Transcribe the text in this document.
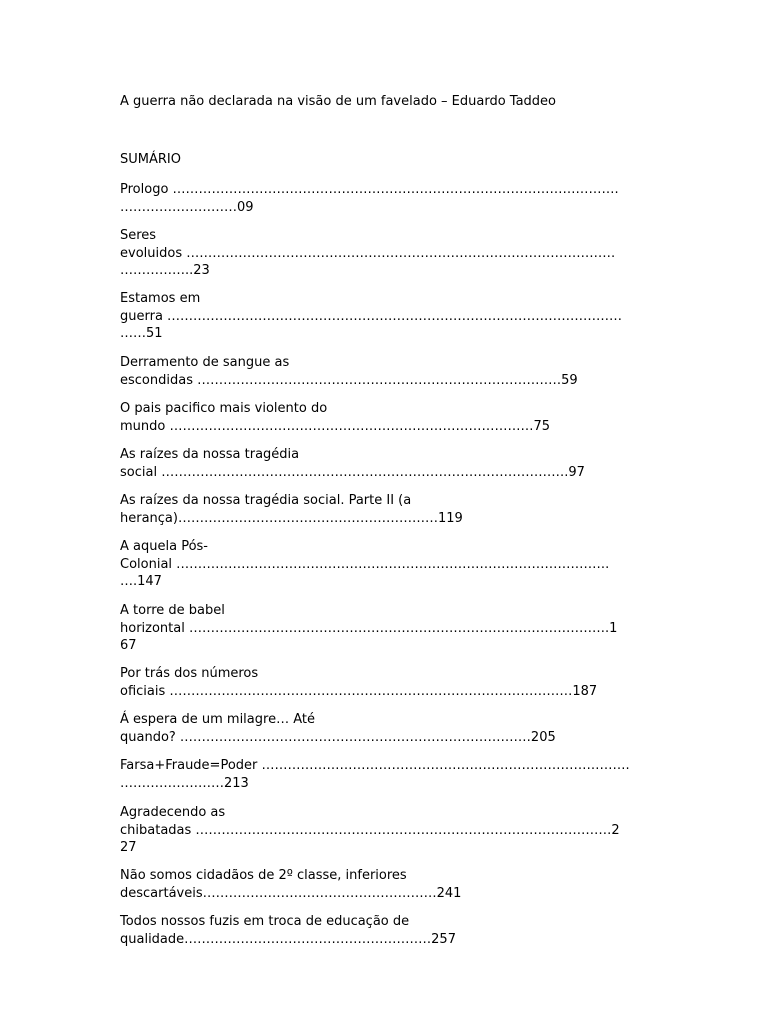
A guerra não declarada na visão de um favelado – Eduardo Taddeo
SUMÁRIO
Prologo ………………………………………………………………………………………….
………………………09
Seres
evoluidos ………………………………………………………………………………………
……………..23
Estamos em
guerra ……………………………………………………………………………………………
……51
Derramento de sangue as
escondidas …………………………………………………………………………59
O pais pacifico mais violento do
mundo …………………………………………………………………………75
As raízes da nossa tragédia
social ………………………………………………………………………………….97
As raízes da nossa tragédia social. Parte II (a
herança)……………………………………………………119
A aquela Pós-
Colonial ……………………………………………………………………………………….
….147
A torre de babel
horizontal …………………………………………………………………………………….1
67
Por trás dos números
oficiais …………………………………………………………………………………187
Á espera de um milagre… Até
quando? ………………………………………………………………………205
Farsa+Fraude=Poder ………………………………………………………………………….
……………………213
Agradecendo as
chibatadas ……………………………………………………………………………………2
27
Não somos cidadãos de 2º classe, inferiores
descartáveis………………………………………………241
Todos nossos fuzis em troca de educação de
qualidade…………………………………………………257
